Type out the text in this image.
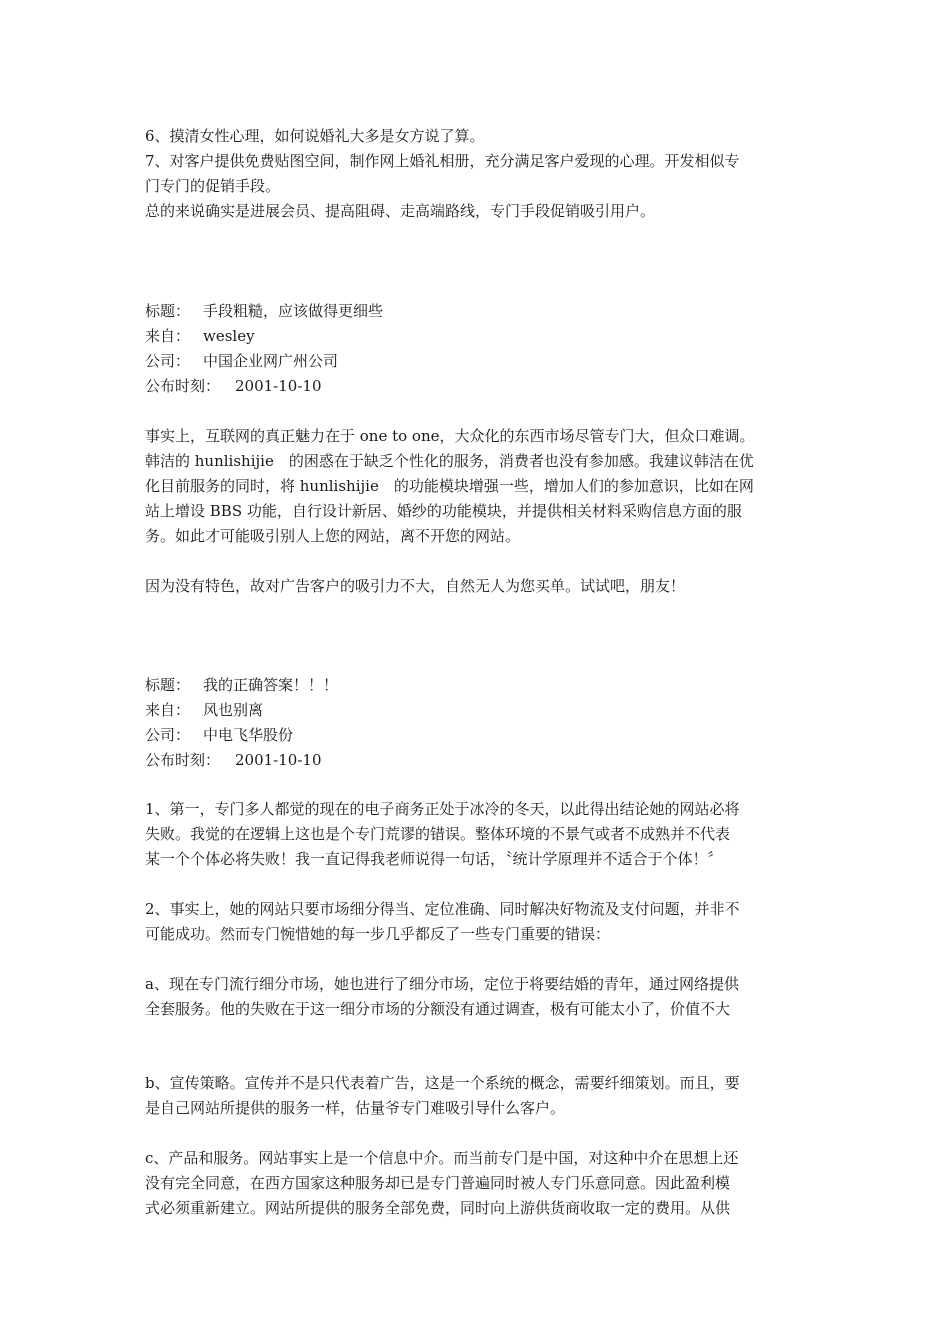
6、摸清女性心理，如何说婚礼大多是女方说了算。
7、对客户提供免费贴图空间，制作网上婚礼相册，充分满足客户爱现的心理。开发相似专
门专门的促销手段。
总的来说确实是进展会员、提高阻碍、走高端路线，专门手段促销吸引用户。
标题： 手段粗糙，应该做得更细些
来自： wesley
公司： 中国企业网广州公司
公布时刻： 2001-10-10
事实上，互联网的真正魅力在于 one to one，大众化的东西市场尽管专门大，但众口难调。
韩洁的 hunlishijie　的困惑在于缺乏个性化的服务，消费者也没有参加感。我建议韩洁在优
化目前服务的同时，将 hunlishijie　的功能模块增强一些，增加人们的参加意识，比如在网
站上增设 BBS 功能，自行设计新居、婚纱的功能模块，并提供相关材料采购信息方面的服
务。如此才可能吸引别人上您的网站，离不开您的网站。
因为没有特色，故对广告客户的吸引力不大，自然无人为您买单。试试吧，朋友！
标题： 我的正确答案！！！
来自： 风也别离
公司： 中电飞华股份
公布时刻： 2001-10-10
1、第一，专门多人都觉的现在的电子商务正处于冰冷的冬天，以此得出结论她的网站必将
失败。我觉的在逻辑上这也是个专门荒谬的错误。整体环境的不景气或者不成熟并不代表
某一个个体必将失败！我一直记得我老师说得一句话，〝统计学原理并不适合于个体！〞
2、事实上，她的网站只要市场细分得当、定位准确、同时解决好物流及支付问题，并非不
可能成功。然而专门惋惜她的每一步几乎都反了一些专门重要的错误：
a、现在专门流行细分市场，她也进行了细分市场，定位于将要结婚的青年，通过网络提供
全套服务。他的失败在于这一细分市场的分额没有通过调查，极有可能太小了，价值不大
b、宣传策略。宣传并不是只代表着广告，这是一个系统的概念，需要纤细策划。而且，要
是自己网站所提供的服务一样，估量爷专门难吸引导什么客户。
c、产品和服务。网站事实上是一个信息中介。而当前专门是中国，对这种中介在思想上还
没有完全同意，在西方国家这种服务却已是专门普遍同时被人专门乐意同意。因此盈利模
式必须重新建立。网站所提供的服务全部免费，同时向上游供货商收取一定的费用。从供
